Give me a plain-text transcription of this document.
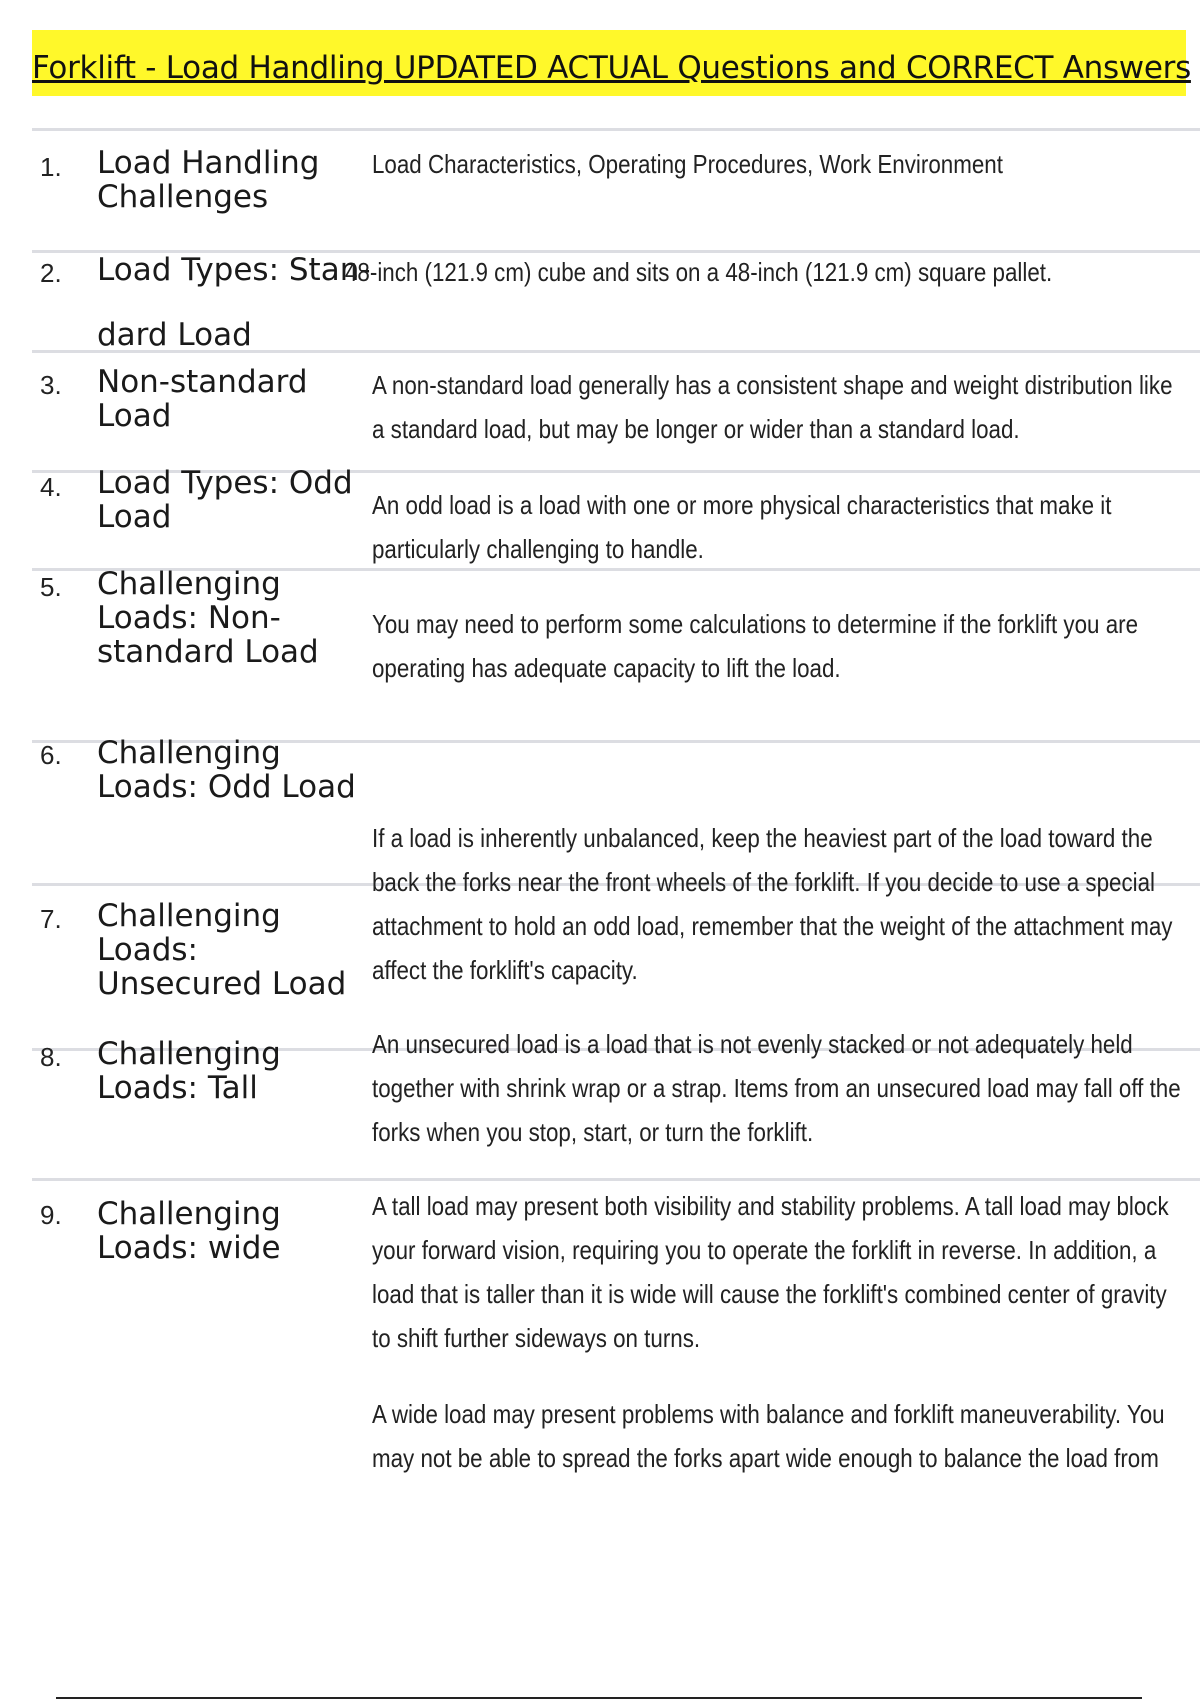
Forklift - Load Handling UPDATED ACTUAL Questions and CORRECT Answers
1. Load Handling Challenges
Load Characteristics, Operating Procedures, Work Environment
2. Load Types: Stan-
dard Load
48-inch (121.9 cm) cube and sits on a 48-inch (121.9 cm) square pallet.
3. Non-standard Load
A non-standard load generally has a consistent shape and weight distribution like a standard load, but may be longer or wider than a standard load.
4. Load Types: Odd Load	An odd load is a load with one or more physical characteristics that make it particularly challenging to handle.
5. Challenging Loads: Non-standard Load
You may need to perform some calculations to determine if the forklift you are operating has adequate capacity to lift the load.
6. Challenging Loads: Odd Load
If a load is inherently unbalanced, keep the heaviest part of the load toward the back the forks near the front wheels of the forklift. If you decide to use a special attachment to hold an odd load, remember that the weight of the attachment may affect the forklift's capacity.
7. Challenging Loads: Unsecured Load
An unsecured load is a load that is not evenly stacked or not adequately held together with shrink wrap or a strap. Items from an unsecured load may fall off the forks when you stop, start, or turn the forklift.
8. Challenging Loads: Tall
A tall load may present both visibility and stability problems. A tall load may block your forward vision, requiring you to operate the forklift in reverse. In addition, a load that is taller than it is wide will cause the forklift's combined center of gravity to shift further sideways on turns.
9. Challenging Loads: wide
A wide load may present problems with balance and forklift maneuverability. You may not be able to spread the forks apart wide enough to balance the load from
